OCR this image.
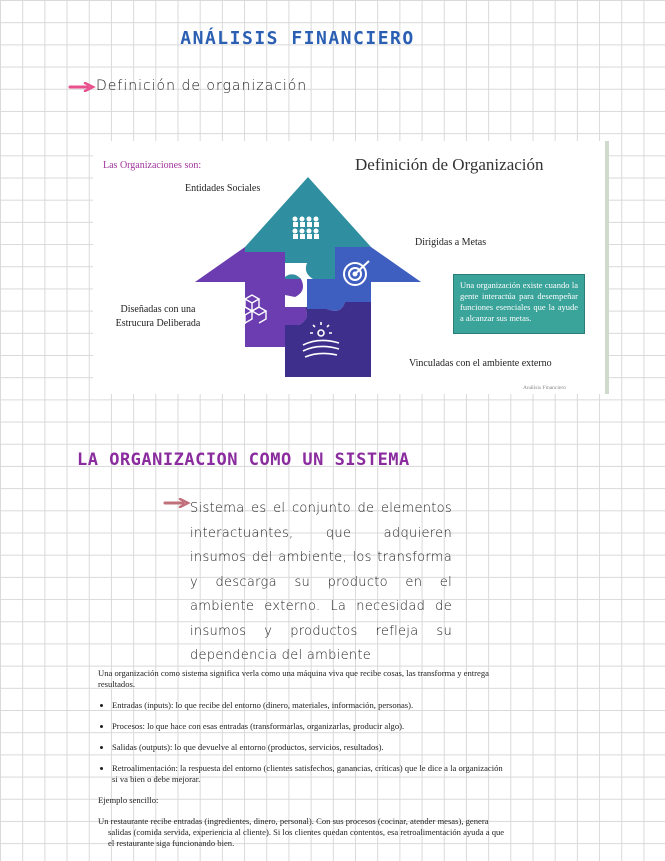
ANÁLISIS FINANCIERO
Definición de organización
Las Organizaciones son:	Definición de Organización
Entidades Sociales
Dirigidas a Metas
Diseñadas con una Estrucura Deliberada
Vinculadas con el ambiente externo
Una organización existe cuando la gente interactúa para desempeñar funciones esenciales que la ayude a alcanzar sus metas.
Análisis Financiero
LA ORGANIZACION COMO UN SISTEMA
Sistema es el conjunto de elementos interactuantes, que adquieren insumos del ambiente, los transforma y descarga su producto en el ambiente externo. La necesidad de insumos y productos refleja su dependencia del ambiente

Una organización como sistema significa verla como una máquina viva que recibe cosas, las transforma y entrega resultados.

• Entradas (inputs): lo que recibe del entorno (dinero, materiales, información, personas).
• Procesos: lo que hace con esas entradas (transformarlas, organizarlas, producir algo).
• Salidas (outputs): lo que devuelve al entorno (productos, servicios, resultados).
• Retroalimentación: la respuesta del entorno (clientes satisfechos, ganancias, críticas) que le dice a la organización si va bien o debe mejorar.

Ejemplo sencillo:

Un restaurante recibe entradas (ingredientes, dinero, personal). Con sus procesos (cocinar, atender mesas), genera salidas (comida servida, experiencia al cliente). Si los clientes quedan contentos, esa retroalimentación ayuda a que el restaurante siga funcionando bien.
